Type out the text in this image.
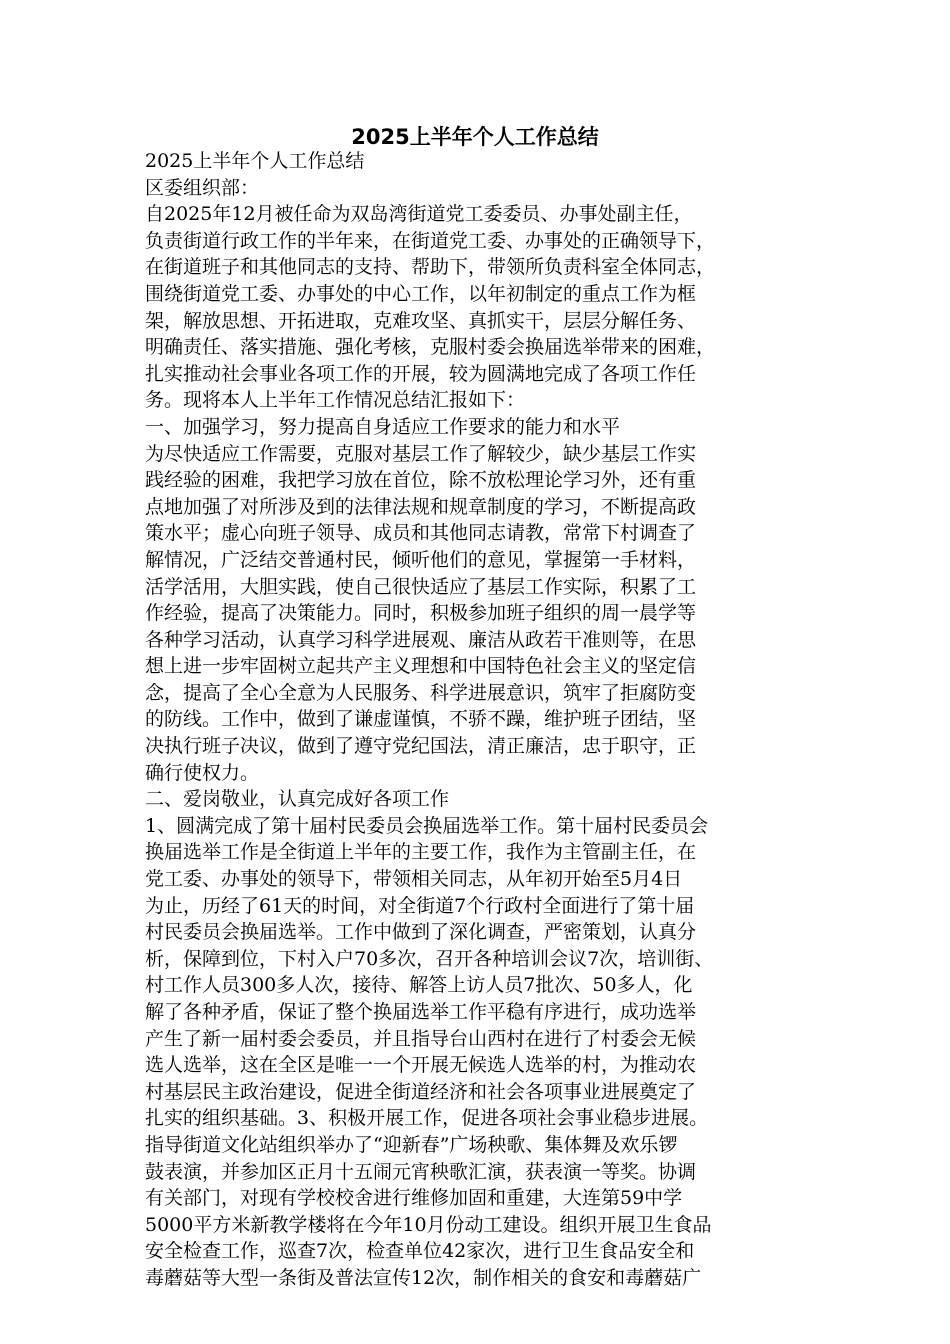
2025上半年个人工作总结
2025上半年个人工作总结
区委组织部：
自2025年12月被任命为双岛湾街道党工委委员、办事处副主任，
负责街道行政工作的半年来，在街道党工委、办事处的正确领导下，
在街道班子和其他同志的支持、帮助下，带领所负责科室全体同志，
围绕街道党工委、办事处的中心工作，以年初制定的重点工作为框
架，解放思想、开拓进取，克难攻坚、真抓实干，层层分解任务、
明确责任、落实措施、强化考核，克服村委会换届选举带来的困难，
扎实推动社会事业各项工作的开展，较为圆满地完成了各项工作任
务。现将本人上半年工作情况总结汇报如下：
一、加强学习，努力提高自身适应工作要求的能力和水平
为尽快适应工作需要，克服对基层工作了解较少，缺少基层工作实
践经验的困难，我把学习放在首位，除不放松理论学习外，还有重
点地加强了对所涉及到的法律法规和规章制度的学习，不断提高政
策水平；虚心向班子领导、成员和其他同志请教，常常下村调查了
解情况，广泛结交普通村民，倾听他们的意见，掌握第一手材料，
活学活用，大胆实践，使自己很快适应了基层工作实际，积累了工
作经验，提高了决策能力。同时，积极参加班子组织的周一晨学等
各种学习活动，认真学习科学进展观、廉洁从政若干准则等，在思
想上进一步牢固树立起共产主义理想和中国特色社会主义的坚定信
念，提高了全心全意为人民服务、科学进展意识，筑牢了拒腐防变
的防线。工作中，做到了谦虚谨慎，不骄不躁，维护班子团结，坚
决执行班子决议，做到了遵守党纪国法，清正廉洁，忠于职守，正
确行使权力。
二、爱岗敬业，认真完成好各项工作
1、圆满完成了第十届村民委员会换届选举工作。第十届村民委员会
换届选举工作是全街道上半年的主要工作，我作为主管副主任，在
党工委、办事处的领导下，带领相关同志，从年初开始至5月4日
为止，历经了61天的时间，对全街道7个行政村全面进行了第十届
村民委员会换届选举。工作中做到了深化调查，严密策划，认真分
析，保障到位，下村入户70多次，召开各种培训会议7次，培训街、
村工作人员300多人次，接待、解答上访人员7批次、50多人，化
解了各种矛盾，保证了整个换届选举工作平稳有序进行，成功选举
产生了新一届村委会委员，并且指导台山西村在进行了村委会无候
选人选举，这在全区是唯一一个开展无候选人选举的村，为推动农
村基层民主政治建设，促进全街道经济和社会各项事业进展奠定了
扎实的组织基础。3、积极开展工作，促进各项社会事业稳步进展。
指导街道文化站组织举办了“迎新春”广场秧歌、集体舞及欢乐锣
鼓表演，并参加区正月十五闹元宵秧歌汇演，获表演一等奖。协调
有关部门，对现有学校校舍进行维修加固和重建，大连第59中学
5000平方米新教学楼将在今年10月份动工建设。组织开展卫生食品
安全检查工作，巡查7次，检查单位42家次，进行卫生食品安全和
毒蘑菇等大型一条街及普法宣传12次，制作相关的食安和毒蘑菇广
